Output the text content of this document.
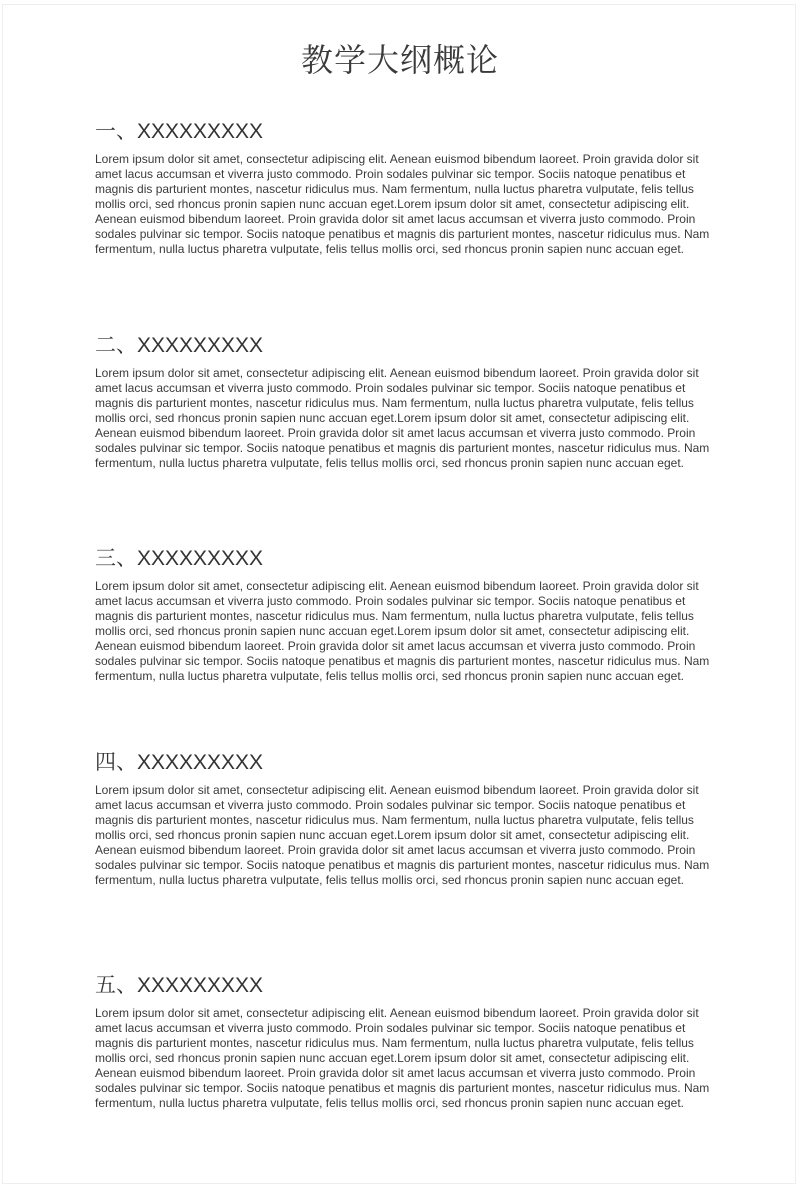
教学大纲概论
一、XXXXXXXXX

Lorem ipsum dolor sit amet, consectetur adipiscing elit. Aenean euismod bibendum laoreet. Proin gravida dolor sit amet lacus accumsan et viverra justo commodo. Proin sodales pulvinar sic tempor. Sociis natoque penatibus et magnis dis parturient montes, nascetur ridiculus mus. Nam fermentum, nulla luctus pharetra vulputate, felis tellus mollis orci, sed rhoncus pronin sapien nunc accuan eget.Lorem ipsum dolor sit amet, consectetur adipiscing elit. Aenean euismod bibendum laoreet. Proin gravida dolor sit amet lacus accumsan et viverra justo commodo. Proin sodales pulvinar sic tempor. Sociis natoque penatibus et magnis dis parturient montes, nascetur ridiculus mus. Nam fermentum, nulla luctus pharetra vulputate, felis tellus mollis orci, sed rhoncus pronin sapien nunc accuan eget.

二、XXXXXXXXX

Lorem ipsum dolor sit amet, consectetur adipiscing elit. Aenean euismod bibendum laoreet. Proin gravida dolor sit amet lacus accumsan et viverra justo commodo. Proin sodales pulvinar sic tempor. Sociis natoque penatibus et magnis dis parturient montes, nascetur ridiculus mus. Nam fermentum, nulla luctus pharetra vulputate, felis tellus mollis orci, sed rhoncus pronin sapien nunc accuan eget.Lorem ipsum dolor sit amet, consectetur adipiscing elit. Aenean euismod bibendum laoreet. Proin gravida dolor sit amet lacus accumsan et viverra justo commodo. Proin sodales pulvinar sic tempor. Sociis natoque penatibus et magnis dis parturient montes, nascetur ridiculus mus. Nam fermentum, nulla luctus pharetra vulputate, felis tellus mollis orci, sed rhoncus pronin sapien nunc accuan eget.

三、XXXXXXXXX

Lorem ipsum dolor sit amet, consectetur adipiscing elit. Aenean euismod bibendum laoreet. Proin gravida dolor sit amet lacus accumsan et viverra justo commodo. Proin sodales pulvinar sic tempor. Sociis natoque penatibus et magnis dis parturient montes, nascetur ridiculus mus. Nam fermentum, nulla luctus pharetra vulputate, felis tellus mollis orci, sed rhoncus pronin sapien nunc accuan eget.Lorem ipsum dolor sit amet, consectetur adipiscing elit. Aenean euismod bibendum laoreet. Proin gravida dolor sit amet lacus accumsan et viverra justo commodo. Proin sodales pulvinar sic tempor. Sociis natoque penatibus et magnis dis parturient montes, nascetur ridiculus mus. Nam fermentum, nulla luctus pharetra vulputate, felis tellus mollis orci, sed rhoncus pronin sapien nunc accuan eget.

四、XXXXXXXXX

Lorem ipsum dolor sit amet, consectetur adipiscing elit. Aenean euismod bibendum laoreet. Proin gravida dolor sit amet lacus accumsan et viverra justo commodo. Proin sodales pulvinar sic tempor. Sociis natoque penatibus et magnis dis parturient montes, nascetur ridiculus mus. Nam fermentum, nulla luctus pharetra vulputate, felis tellus mollis orci, sed rhoncus pronin sapien nunc accuan eget.Lorem ipsum dolor sit amet, consectetur adipiscing elit. Aenean euismod bibendum laoreet. Proin gravida dolor sit amet lacus accumsan et viverra justo commodo. Proin sodales pulvinar sic tempor. Sociis natoque penatibus et magnis dis parturient montes, nascetur ridiculus mus. Nam fermentum, nulla luctus pharetra vulputate, felis tellus mollis orci, sed rhoncus pronin sapien nunc accuan eget.

五、XXXXXXXXX

Lorem ipsum dolor sit amet, consectetur adipiscing elit. Aenean euismod bibendum laoreet. Proin gravida dolor sit amet lacus accumsan et viverra justo commodo. Proin sodales pulvinar sic tempor. Sociis natoque penatibus et magnis dis parturient montes, nascetur ridiculus mus. Nam fermentum, nulla luctus pharetra vulputate, felis tellus mollis orci, sed rhoncus pronin sapien nunc accuan eget.Lorem ipsum dolor sit amet, consectetur adipiscing elit. Aenean euismod bibendum laoreet. Proin gravida dolor sit amet lacus accumsan et viverra justo commodo. Proin sodales pulvinar sic tempor. Sociis natoque penatibus et magnis dis parturient montes, nascetur ridiculus mus. Nam fermentum, nulla luctus pharetra vulputate, felis tellus mollis orci, sed rhoncus pronin sapien nunc accuan eget.
